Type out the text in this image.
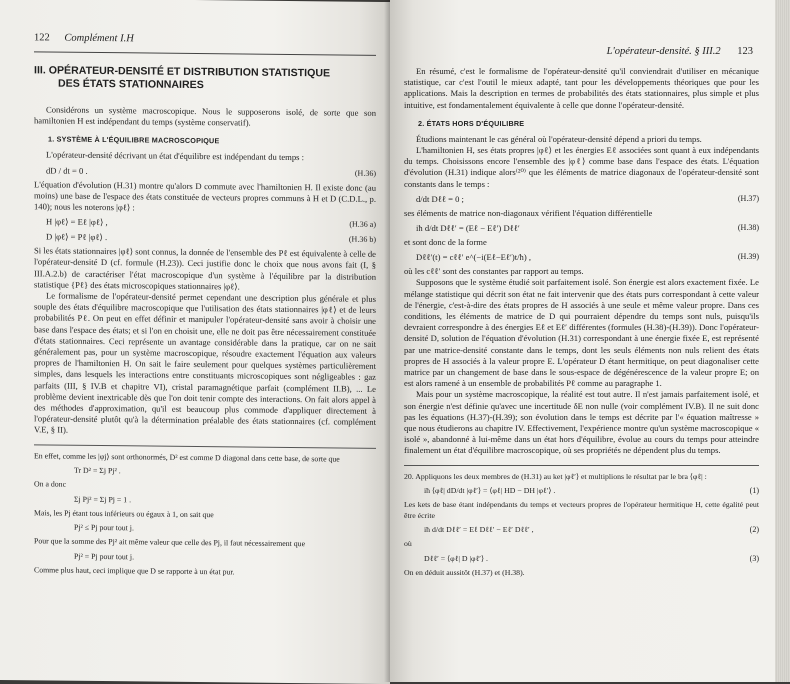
122 Complément I.H
III. OPÉRATEUR-DENSITÉ ET DISTRIBUTION STATISTIQUE
DES ÉTATS STATIONNAIRES

Considérons un système macroscopique. Nous le supposerons isolé, de sorte que son hamiltonien H est indépendant du temps (système conservatif).

1. SYSTÈME À L'ÉQUILIBRE MACROSCOPIQUE

L'opérateur-densité décrivant un état d'équilibre est indépendant du temps :

dD / dt = 0 .	(H.36)

L'équation d'évolution (H.31) montre qu'alors D commute avec l'hamiltonien H. Il existe donc (au moins) une base de l'espace des états constituée de vecteurs propres communs à H et D (C.D.L., p. 140); nous les noterons |φℓ⟩ :

H |φℓ⟩ = Eℓ |φℓ⟩ ,	(H.36 a)
D |φℓ⟩ = Pℓ |φℓ⟩ .	(H.36 b)

Si les états stationnaires |φℓ⟩ sont connus, la donnée de l'ensemble des Pℓ est équivalente à celle de l'opérateur-densité D (cf. formule (H.23)). Ceci justifie donc le choix que nous avons fait (I, § III.A.2.b) de caractériser l'état macroscopique d'un système à l'équilibre par la distribution statistique {Pℓ} des états microscopiques stationnaires |φℓ⟩.

Le formalisme de l'opérateur-densité permet cependant une description plus générale et plus souple des états d'équilibre macroscopique que l'utilisation des états stationnaires |φℓ⟩ et de leurs probabilités Pℓ. On peut en effet définir et manipuler l'opérateur-densité sans avoir à choisir une base dans l'espace des états; et si l'on en choisit une, elle ne doit pas être nécessairement constituée d'états stationnaires. Ceci représente un avantage considérable dans la pratique, car on ne sait généralement pas, pour un système macroscopique, résoudre exactement l'équation aux valeurs propres de l'hamiltonien H. On sait le faire seulement pour quelques systèmes particulièrement simples, dans lesquels les interactions entre constituants microscopiques sont négligeables : gaz parfaits (III, § IV.B et chapitre VI), cristal paramagnétique parfait (complément II.B), ... Le problème devient inextricable dès que l'on doit tenir compte des interactions. On fait alors appel à des méthodes d'approximation, qu'il est beaucoup plus commode d'appliquer directement à l'opérateur-densité plutôt qu'à la détermination préalable des états stationnaires (cf. complément V.E, § II).

En effet, comme les |φj⟩ sont orthonormés, D² est comme D diagonal dans cette base, de sorte que

Tr D² = Σj Pj² .

On a donc

Σj Pj² = Σj Pj = 1 .

Mais, les Pj étant tous inférieurs ou égaux à 1, on sait que

Pj² ≤ Pj pour tout j.

Pour que la somme des Pj² ait même valeur que celle des Pj, il faut nécessairement que

Pj² = Pj pour tout j.

Comme plus haut, ceci implique que D se rapporte à un état pur.

L'opérateur-densité. § III.2 123

En résumé, c'est le formalisme de l'opérateur-densité qu'il conviendrait d'utiliser en mécanique statistique, car c'est l'outil le mieux adapté, tant pour les développements théoriques que pour les applications. Mais la description en termes de probabilités des états stationnaires, plus simple et plus intuitive, est fondamentalement équivalente à celle que donne l'opérateur-densité.

2. ÉTATS HORS D'ÉQUILIBRE

Étudions maintenant le cas général où l'opérateur-densité dépend a priori du temps.

L'hamiltonien H, ses états propres |φℓ⟩ et les énergies Eℓ associées sont quant à eux indépendants du temps. Choisissons encore l'ensemble des |φℓ⟩ comme base dans l'espace des états. L'équation d'évolution (H.31) indique alors⁽²⁰⁾ que les éléments de matrice diagonaux de l'opérateur-densité sont constants dans le temps :

d/dt Dℓℓ = 0 ;	(H.37)

ses éléments de matrice non-diagonaux vérifient l'équation différentielle

iħ d/dt Dℓℓ′ = (Eℓ − Eℓ′) Dℓℓ′	(H.38)

et sont donc de la forme

Dℓℓ′(t) = cℓℓ′ e^(−i(Eℓ−Eℓ′)t/ħ) ,	(H.39)

où les cℓℓ′ sont des constantes par rapport au temps.

Supposons que le système étudié soit parfaitement isolé. Son énergie est alors exactement fixée. Le mélange statistique qui décrit son état ne fait intervenir que des états purs correspondant à cette valeur de l'énergie, c'est-à-dire des états propres de H associés à une seule et même valeur propre. Dans ces conditions, les éléments de matrice de D qui pourraient dépendre du temps sont nuls, puisqu'ils devraient correspondre à des énergies Eℓ et Eℓ′ différentes (formules (H.38)-(H.39)). Donc l'opérateur-densité D, solution de l'équation d'évolution (H.31) correspondant à une énergie fixée E, est représenté par une matrice-densité constante dans le temps, dont les seuls éléments non nuls relient des états propres de H associés à la valeur propre E. L'opérateur D étant hermitique, on peut diagonaliser cette matrice par un changement de base dans le sous-espace de dégénérescence de la valeur propre E; on est alors ramené à un ensemble de probabilités Pℓ comme au paragraphe 1.

Mais pour un système macroscopique, la réalité est tout autre. Il n'est jamais parfaitement isolé, et son énergie n'est définie qu'avec une incertitude δE non nulle (voir complément IV.B). Il ne suit donc pas les équations (H.37)-(H.39); son évolution dans le temps est décrite par l'« équation maîtresse » que nous étudierons au chapitre IV. Effectivement, l'expérience montre qu'un système macroscopique « isolé », abandonné à lui-même dans un état hors d'équilibre, évolue au cours du temps pour atteindre finalement un état d'équilibre macroscopique, où ses propriétés ne dépendent plus du temps.

20. Appliquons les deux membres de (H.31) au ket |φℓ′⟩ et multiplions le résultat par le bra ⟨φℓ| :

iħ ⟨φℓ| dD/dt |φℓ′⟩ = ⟨φℓ| HD − DH |φℓ′⟩ .	(1)

Les kets de base étant indépendants du temps et vecteurs propres de l'opérateur hermitique H, cette égalité peut être écrite

iħ d/dt Dℓℓ′ = Eℓ Dℓℓ′ − Eℓ′ Dℓℓ′ ,	(2)

où

Dℓℓ′ = ⟨φℓ| D |φℓ′⟩ .	(3)

On en déduit aussitôt (H.37) et (H.38).
